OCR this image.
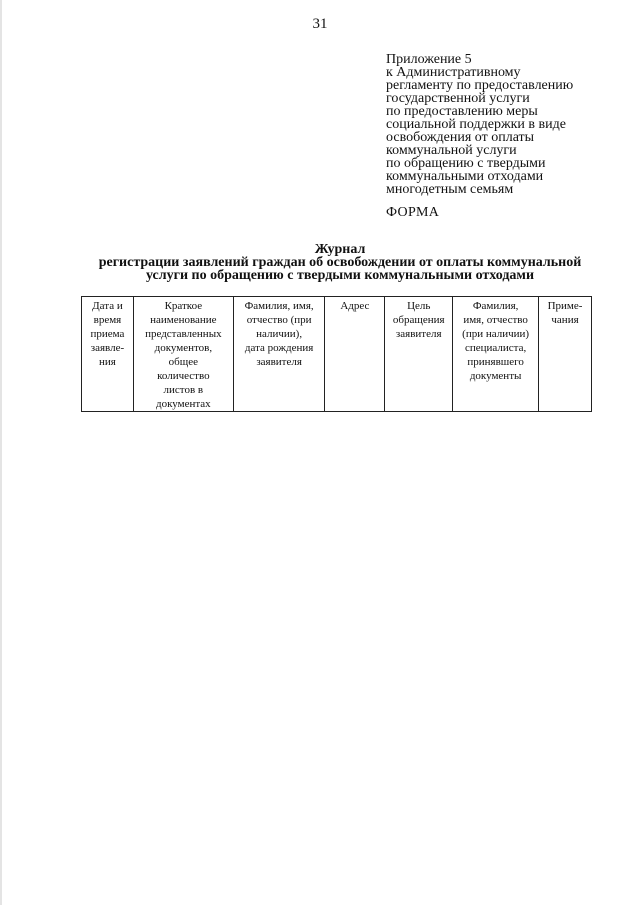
31
Приложение 5
к Административному
регламенту по предоставлению
государственной услуги
по предоставлению меры
социальной поддержки в виде
освобождения от оплаты
коммунальной услуги
по обращению с твердыми
коммунальными отходами
многодетным семьям
ФОРМА
Журнал
регистрации заявлений граждан об освобождении от оплаты коммунальной
услуги по обращению с твердыми коммунальными отходами
Дата и
время
приема
заявле-
ния	Краткое
наименование
представленных
документов,
общее
количество
листов в
документах	Фамилия, имя,
отчество (при
наличии),
дата рождения
заявителя	Адрес	Цель
обращения
заявителя	Фамилия,
имя, отчество
(при наличии)
специалиста,
принявшего
документы	Приме-
чания
